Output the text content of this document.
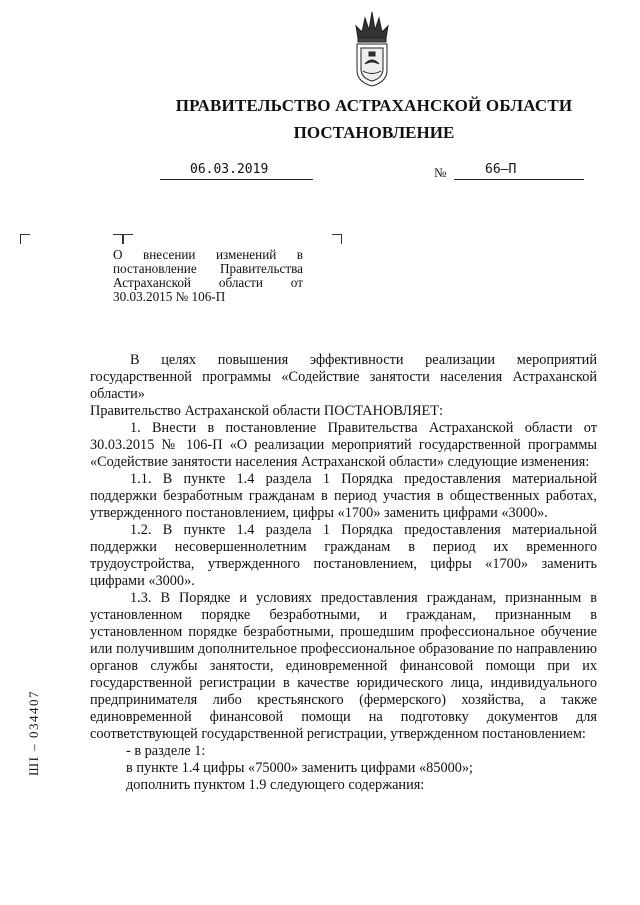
ПРАВИТЕЛЬСТВО АСТРАХАНСКОЙ ОБЛАСТИ
ПОСТАНОВЛЕНИЕ
06.03.2019	№	66–П
О внесении изменений в постановление Правительства Астраханской области от 30.03.2015 № 106-П

В целях повышения эффективности реализации мероприятий государственной программы «Содействие занятости населения Астраханской области»

Правительство Астраханской области ПОСТАНОВЛЯЕТ:

1. Внести в постановление Правительства Астраханской области от 30.03.2015 № 106-П «О реализации мероприятий государственной программы «Содействие занятости населения Астраханской области» следующие изменения:

1.1. В пункте 1.4 раздела 1 Порядка предоставления материальной поддержки безработным гражданам в период участия в общественных работах, утвержденного постановлением, цифры «1700» заменить цифрами «3000».

1.2. В пункте 1.4 раздела 1 Порядка предоставления материальной поддержки несовершеннолетним гражданам в период их временного трудоустройства, утвержденного постановлением, цифры «1700» заменить цифрами «3000».

1.3. В Порядке и условиях предоставления гражданам, признанным в установленном порядке безработными, и гражданам, признанным в установленном порядке безработными, прошедшим профессиональное обучение или получившим дополнительное профессиональное образование по направлению органов службы занятости, единовременной финансовой помощи при их государственной регистрации в качестве юридического лица, индивидуального предпринимателя либо крестьянского (фермерского) хозяйства, а также единовременной финансовой помощи на подготовку документов для соответствующей государственной регистрации, утвержденном постановлением:

- в разделе 1:

в пункте 1.4 цифры «75000» заменить цифрами «85000»;

дополнить пунктом 1.9 следующего содержания:

ШI – 034407
